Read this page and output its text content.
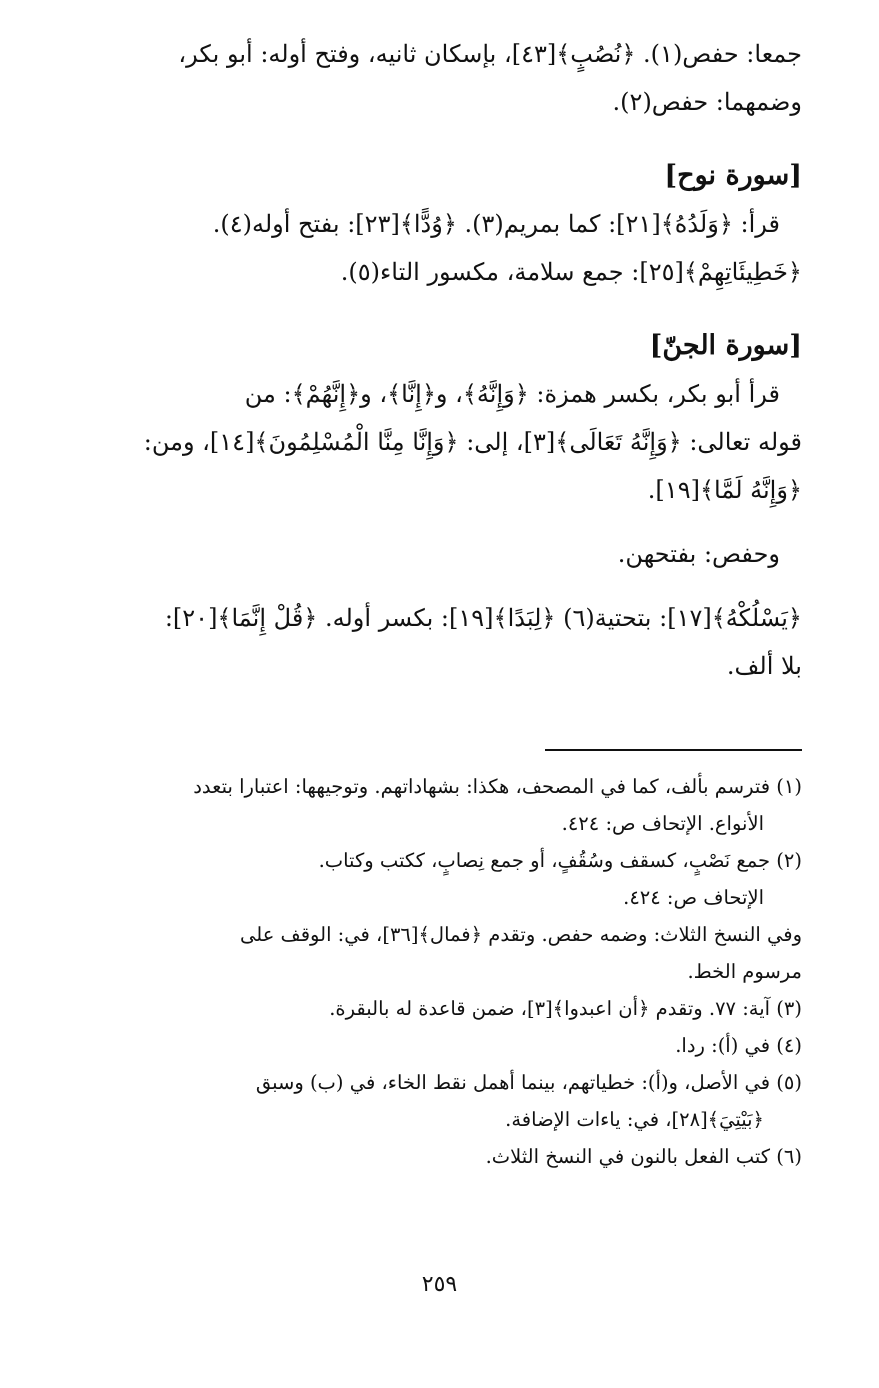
جمعا: حفص(١). ﴿نُصُبٍ﴾[٤٣]، بإسكان ثانيه، وفتح أوله: أبو بكر،
وضمهما: حفص(٢).
[سورة نوح]
قرأ: ﴿وَلَدُهُ﴾[٢١]: كما بمريم(٣). ﴿وُدًّا﴾[٢٣]: بفتح أوله(٤).
﴿خَطِيئَاتِهِمْ﴾[٢٥]: جمع سلامة، مكسور التاء(٥).
[سورة الجنّ]
قرأ أبو بكر، بكسر همزة: ﴿وَإِنَّهُ﴾، و﴿إِنَّا﴾، و﴿إِنَّهُمْ﴾: من
قوله تعالى: ﴿وَإِنَّهُ تَعَالَى﴾[٣]، إلى: ﴿وَإِنَّا مِنَّا الْمُسْلِمُونَ﴾[١٤]، ومن:
﴿وَإِنَّهُ لَمَّا﴾[١٩].
وحفص: بفتحهن.
﴿يَسْلُكْهُ﴾[١٧]: بتحتية(٦) ﴿لِبَدًا﴾[١٩]: بكسر أوله. ﴿قُلْ إِنَّمَا﴾[٢٠]:
بلا ألف.
(١) فترسم بألف، كما في المصحف، هكذا: بشهاداتهم. وتوجيهها: اعتبارا بتعدد
الأنواع. الإتحاف ص: ٤٢٤.
(٢) جمع نَصْبٍ، كسقف وسُقُفٍ، أو جمع نِصابٍ، ككتب وكتاب.
الإتحاف ص: ٤٢٤.
وفي النسخ الثلاث: وضمه حفص. وتقدم ﴿فمال﴾[٣٦]، في: الوقف على
مرسوم الخط.
(٣) آية: ٧٧. وتقدم ﴿أن اعبدوا﴾[٣]، ضمن قاعدة له بالبقرة.
(٤) في (أ): ردا.
(٥) في الأصل، و(أ): خطياتهم، بينما أهمل نقط الخاء، في (ب) وسبق
﴿بَيْتِيَ﴾[٢٨]، في: ياءات الإضافة.
(٦) كتب الفعل بالنون في النسخ الثلاث.
٢٥٩
